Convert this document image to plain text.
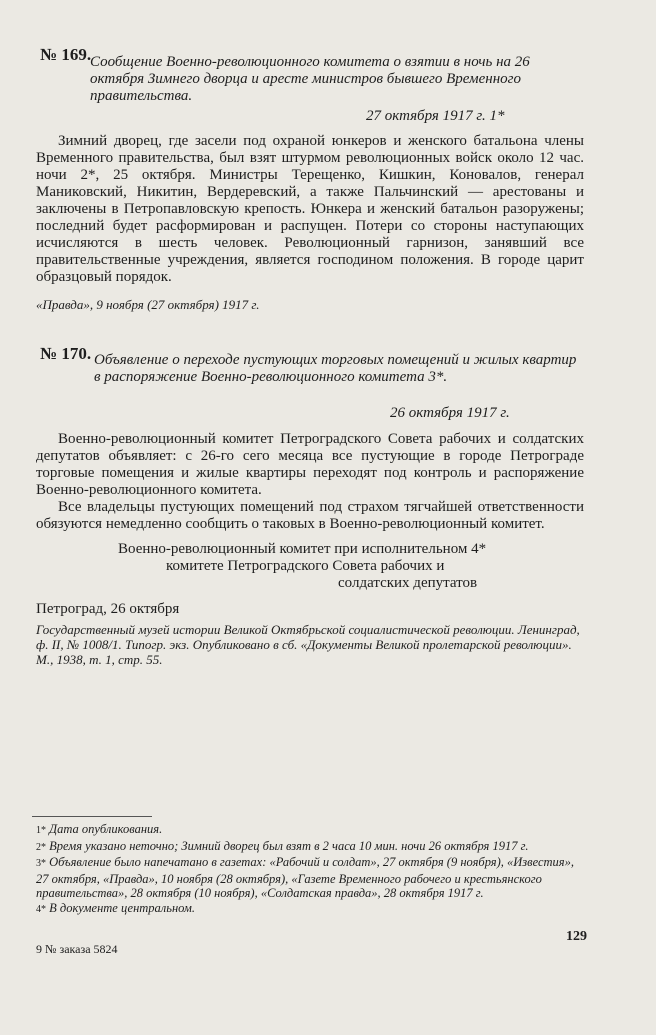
№ 169.
Сообщение Военно-революционного комитета о взятии в ночь на 26 октября Зимнего дворца и аресте министров бывшего Временного правительства.
27 октября 1917 г. 1*

Зимний дворец, где засели под охраной юнкеров и женского батальона члены Временного правительства, был взят штурмом революционных войск около 12 час. ночи 2*, 25 октября. Министры Терещенко, Кишкин, Коновалов, генерал Маниковский, Никитин, Вердеревский, а также Пальчинский — арестованы и заключены в Петропавловскую крепость. Юнкера и женский батальон разоружены; последний будет расформирован и распущен. Потери со стороны наступающих исчисляются в шесть человек. Революционный гарнизон, занявший все правительственные учреждения, является господином положения. В городе царит образцовый порядок.

«Правда», 9 ноября (27 октября) 1917 г.
№ 170. Объявление о переходе пустующих торговых помещений и жилых квартир в распоряжение Военно-революционного комитета 3*.
26 октября 1917 г.

Военно-революционный комитет Петроградского Совета рабочих и солдатских депутатов объявляет: с 26-го сего месяца все пустующие в городе Петрограде торговые помещения и жилые квартиры переходят под контроль и распоряжение Военно-революционного комитета.

Все владельцы пустующих помещений под страхом тягчайшей ответственности обязуются немедленно сообщить о таковых в Военно-революционный комитет.

Военно-революционный комитет при исполнительном 4*
комитете Петроградского Совета рабочих и
солдатских депутатов
Петроград, 26 октября
Государственный музей истории Великой Октябрьской социалистической революции. Ленинград, ф. II, № 1008/1. Типогр. экз. Опубликовано в сб. «Документы Великой пролетарской революции». М., 1938, т. 1, стр. 55.
1* Дата опубликования.
2* Время указано неточно; Зимний дворец был взят в 2 часа 10 мин. ночи 26 октября 1917 г.
3* Объявление было напечатано в газетах: «Рабочий и солдат», 27 октября (9 ноября), «Известия», 27 октября, «Правда», 10 ноября (28 октября), «Газете Временного рабочего и крестьянского правительства», 28 октября (10 ноября), «Солдатская правда», 28 октября 1917 г.
4* В документе центральном.
9 № заказа 5824
129
